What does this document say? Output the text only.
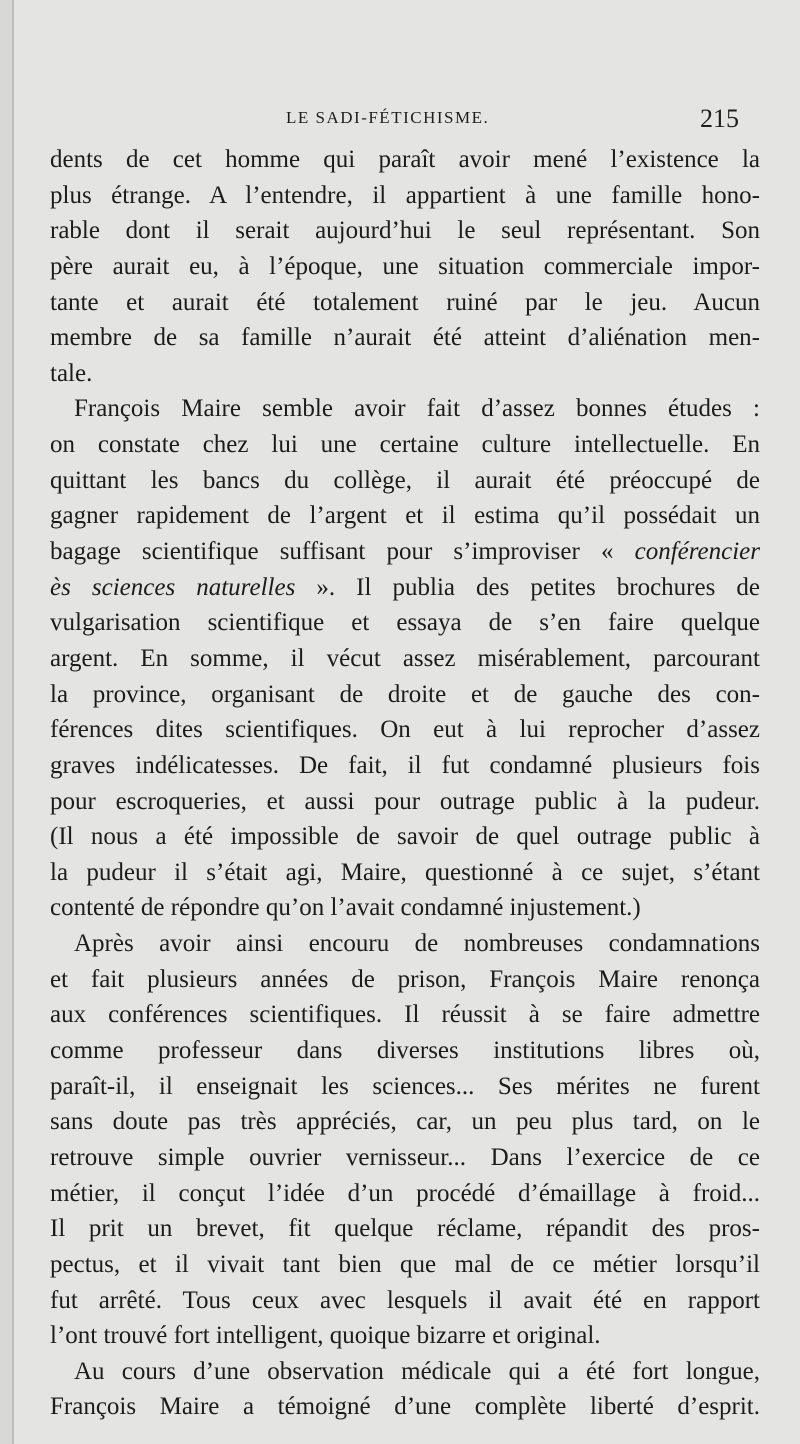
LE SADI-FÉTICHISME.	215
dents de cet homme qui paraît avoir mené l’existence la
plus étrange. A l’entendre, il appartient à une famille hono-
rable dont il serait aujourd’hui le seul représentant. Son
père aurait eu, à l’époque, une situation commerciale impor-
tante et aurait été totalement ruiné par le jeu. Aucun
membre de sa famille n’aurait été atteint d’aliénation men-
tale.
François Maire semble avoir fait d’assez bonnes études :
on constate chez lui une certaine culture intellectuelle. En
quittant les bancs du collège, il aurait été préoccupé de
gagner rapidement de l’argent et il estima qu’il possédait un
bagage scientifique suffisant pour s’improviser « conférencier
ès sciences naturelles ». Il publia des petites brochures de
vulgarisation scientifique et essaya de s’en faire quelque
argent. En somme, il vécut assez misérablement, parcourant
la province, organisant de droite et de gauche des con-
férences dites scientifiques. On eut à lui reprocher d’assez
graves indélicatesses. De fait, il fut condamné plusieurs fois
pour escroqueries, et aussi pour outrage public à la pudeur.
(Il nous a été impossible de savoir de quel outrage public à
la pudeur il s’était agi, Maire, questionné à ce sujet, s’étant
contenté de répondre qu’on l’avait condamné injustement.)
Après avoir ainsi encouru de nombreuses condamnations
et fait plusieurs années de prison, François Maire renonça
aux conférences scientifiques. Il réussit à se faire admettre
comme professeur dans diverses institutions libres où,
paraît-il, il enseignait les sciences... Ses mérites ne furent
sans doute pas très appréciés, car, un peu plus tard, on le
retrouve simple ouvrier vernisseur... Dans l’exercice de ce
métier, il conçut l’idée d’un procédé d’émaillage à froid...
Il prit un brevet, fit quelque réclame, répandit des pros-
pectus, et il vivait tant bien que mal de ce métier lorsqu’il
fut arrêté. Tous ceux avec lesquels il avait été en rapport
l’ont trouvé fort intelligent, quoique bizarre et original.
Au cours d’une observation médicale qui a été fort longue,
François Maire a témoigné d’une complète liberté d’esprit.
